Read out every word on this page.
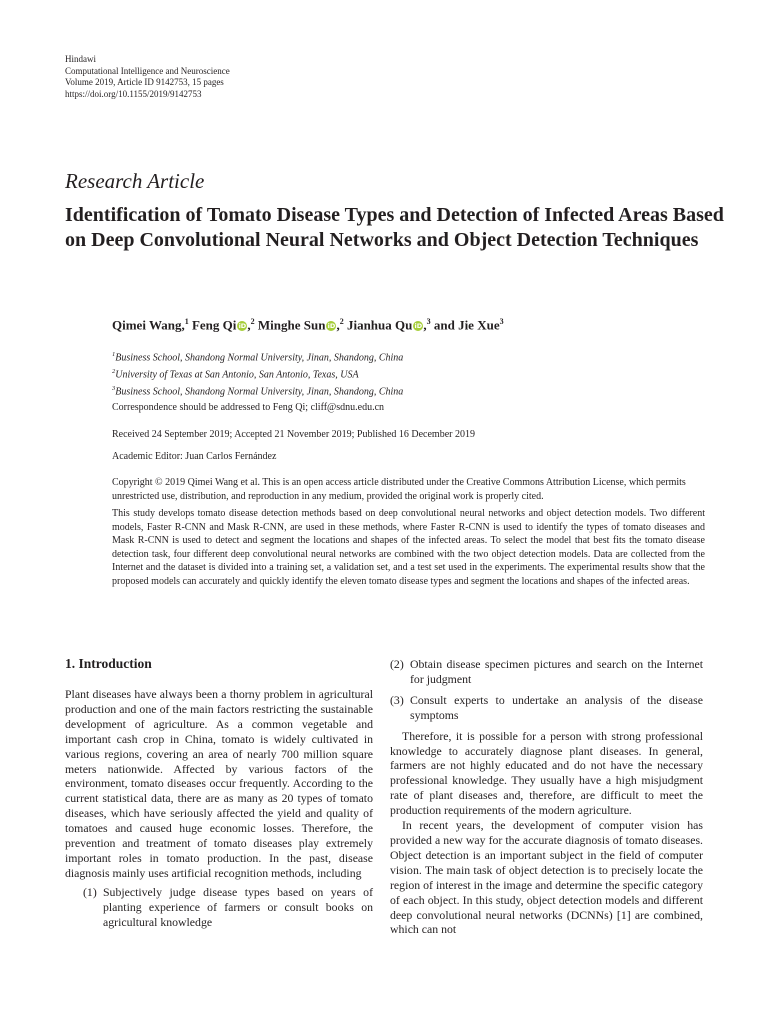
Hindawi
Computational Intelligence and Neuroscience
Volume 2019, Article ID 9142753, 15 pages
https://doi.org/10.1155/2019/9142753
Research Article
Identification of Tomato Disease Types and Detection of Infected Areas Based on Deep Convolutional Neural Networks and Object Detection Techniques
Qimei Wang,$^1$ Feng Qi iD,$^2$ Minghe Sun iD,$^2$ Jianhua Qu iD,$^3$ and Jie Xue$^3$
$^1$Business School, Shandong Normal University, Jinan, Shandong, China
$^2$University of Texas at San Antonio, San Antonio, Texas, USA
$^3$Business School, Shandong Normal University, Jinan, Shandong, China
Correspondence should be addressed to Feng Qi; cliff@sdnu.edu.cn
Received 24 September 2019; Accepted 21 November 2019; Published 16 December 2019
Academic Editor: Juan Carlos Fernández
Copyright © 2019 Qimei Wang et al. This is an open access article distributed under the Creative Commons Attribution License, which permits unrestricted use, distribution, and reproduction in any medium, provided the original work is properly cited.
This study develops tomato disease detection methods based on deep convolutional neural networks and object detection models. Two different models, Faster R-CNN and Mask R-CNN, are used in these methods, where Faster R-CNN is used to identify the types of tomato diseases and Mask R-CNN is used to detect and segment the locations and shapes of the infected areas. To select the model that best fits the tomato disease detection task, four different deep convolutional neural networks are combined with the two object detection models. Data are collected from the Internet and the dataset is divided into a training set, a validation set, and a test set used in the experiments. The experimental results show that the proposed models can accurately and quickly identify the eleven tomato disease types and segment the locations and shapes of the infected areas.
1. Introduction

Plant diseases have always been a thorny problem in agricultural production and one of the main factors restricting the sustainable development of agriculture. As a common vegetable and important cash crop in China, tomato is widely cultivated in various regions, covering an area of nearly 700 million square meters nationwide. Affected by various factors of the environment, tomato diseases occur frequently. According to the current statistical data, there are as many as 20 types of tomato diseases, which have seriously affected the yield and quality of tomatoes and caused huge economic losses. Therefore, the prevention and treatment of tomato diseases play extremely important roles in tomato production. In the past, disease diagnosis mainly uses artificial recognition methods, including

(1) Subjectively judge disease types based on years of planting experience of farmers or consult books on agricultural knowledge
(2) Obtain disease specimen pictures and search on the Internet for judgment
(3) Consult experts to undertake an analysis of the disease symptoms

Therefore, it is possible for a person with strong professional knowledge to accurately diagnose plant diseases. In general, farmers are not highly educated and do not have the necessary professional knowledge. They usually have a high misjudgment rate of plant diseases and, therefore, are difficult to meet the production requirements of the modern agriculture.

In recent years, the development of computer vision has provided a new way for the accurate diagnosis of tomato diseases. Object detection is an important subject in the field of computer vision. The main task of object detection is to precisely locate the region of interest in the image and determine the specific category of each object. In this study, object detection models and different deep convolutional neural networks (DCNNs) [1] are combined, which can not
